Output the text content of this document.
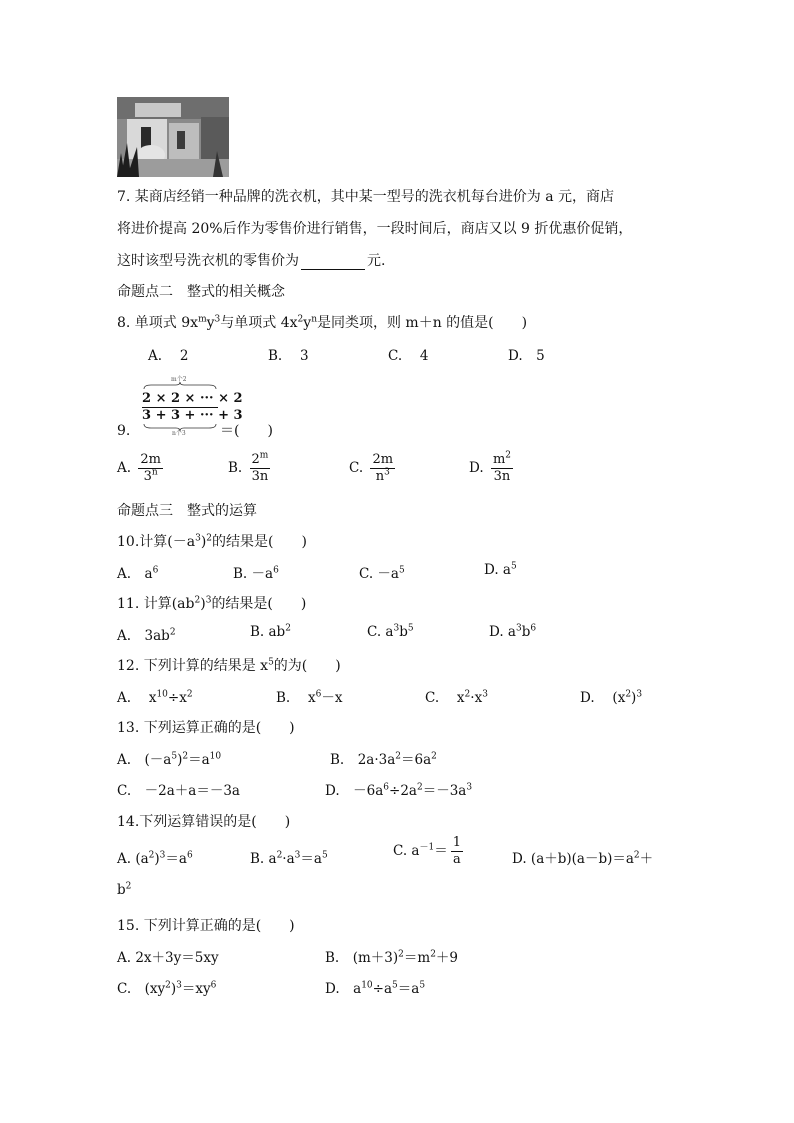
7. 某商店经销一种品牌的洗衣机，其中某一型号的洗衣机每台进价为 a 元，商店
将进价提高 20%后作为零售价进行销售，一段时间后，商店又以 9 折优惠价促销，
这时该型号洗衣机的零售价为	元.
命题点二　整式的相关概念
8. 单项式 $9x^my^3$与单项式 $4x^2y^n$是同类项，则 m＋n 的值是(　　)
A.　 2	B.　 3	C.　 4	D.　5
m个2
2 × 2 × ··· × 2
3 + 3 + ··· + 3
n个3
9.	＝(　　)
A. $\frac{2m}{3^n}$	B. $\frac{2^m}{3n}$	C. $\frac{2m}{n^3}$	D. $\frac{m^2}{3n}$
命题点三　整式的运算
10.计算$(-a^3)^2$的结果是(　　)
A.　$a^6$	B. $-a^6$	C. $-a^5$	D. $a^5$
11. 计算$(ab^2)^3$的结果是(　　)
A.　$3ab^2$	B. $ab^2$	C. $a^3b^5$	D. $a^3b^6$
12. 下列计算的结果是 $x^5$的为(　　)
A.　 $x^{10}\div x^2$	B.　 $x^6-x$	C.　 $x^2\cdot x^3$	D.　 $(x^2)^3$
13. 下列运算正确的是(　　)
A.　$(-a^5)^2=a^{10}$	B.　$2a\cdot 3a^2=6a^2$
C.　－2a＋a＝－3a	D.　$-6a^6\div 2a^2=-3a^3$
14.下列运算错误的是(　　)
A. $(a^2)^3=a^6$	B. $a^2\cdot a^3=a^5$	C. $a^{-1}= \frac{1}{a}$	D. $(a+b)(a-b)=a^2+$
$b^2$
15. 下列计算正确的是(　　)
A. 2x＋3y＝5xy	B.　$(m+3)^2=m^2+9$
C.　$(xy^2)^3=xy^6$	D.　$a^{10}\div a^5=a^5$
